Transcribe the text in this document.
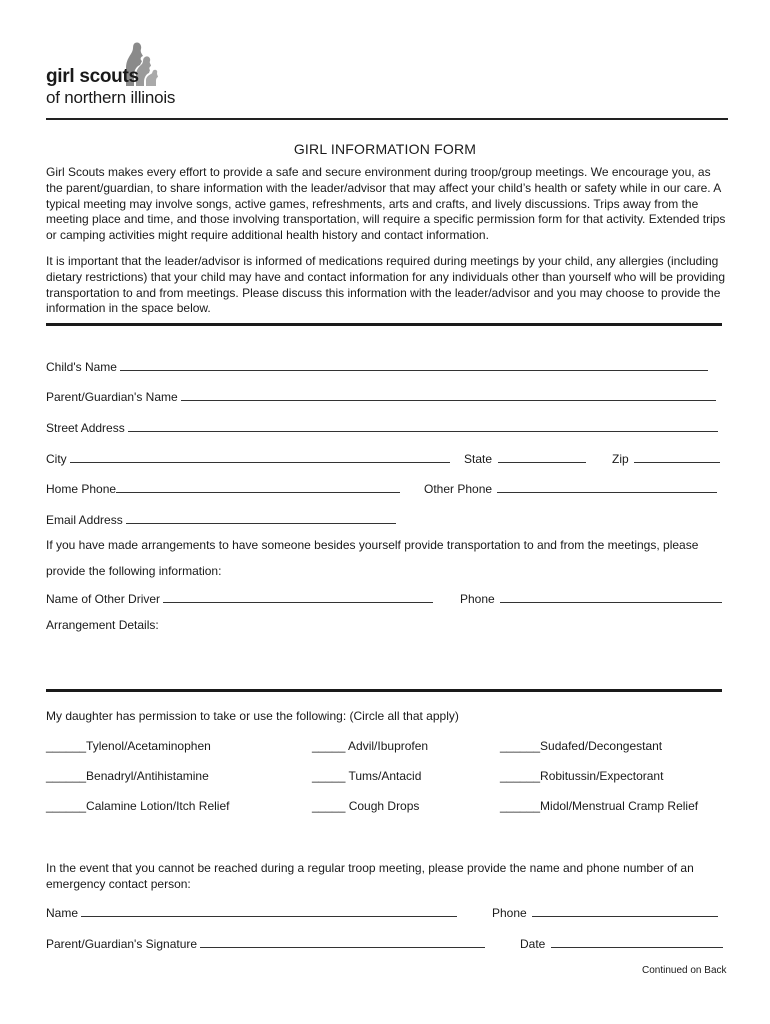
girl scouts
of northern illinois
GIRL INFORMATION FORM
Girl Scouts makes every effort to provide a safe and secure environment during troop/group meetings. We encourage you, as the parent/guardian, to share information with the leader/advisor that may affect your child’s health or safety while in our care. A typical meeting may involve songs, active games, refreshments, arts and crafts, and lively discussions. Trips away from the meeting place and time, and those involving transportation, will require a specific permission form for that activity. Extended trips or camping activities might require additional health history and contact information.
It is important that the leader/advisor is informed of medications required during meetings by your child, any allergies (including dietary restrictions) that your child may have and contact information for any individuals other than yourself who will be providing transportation to and from meetings. Please discuss this information with the leader/advisor and you may choose to provide the information in the space below.
Child's Name
Parent/Guardian's Name
Street Address
City	State	Zip
Home Phone	Other Phone
Email Address
If you have made arrangements to have someone besides yourself provide transportation to and from the meetings, please
provide the following information:
Name of Other Driver	Phone
Arrangement Details:
My daughter has permission to take or use the following: (Circle all that apply)
______Tylenol/Acetaminophen	_____ Advil/Ibuprofen	______Sudafed/Decongestant
______Benadryl/Antihistamine	_____ Tums/Antacid	______Robitussin/Expectorant
______Calamine Lotion/Itch Relief	_____ Cough Drops	______Midol/Menstrual Cramp Relief
In the event that you cannot be reached during a regular troop meeting, please provide the name and phone number of an emergency contact person:
Name	Phone
Parent/Guardian's Signature	Date
Continued on Back
